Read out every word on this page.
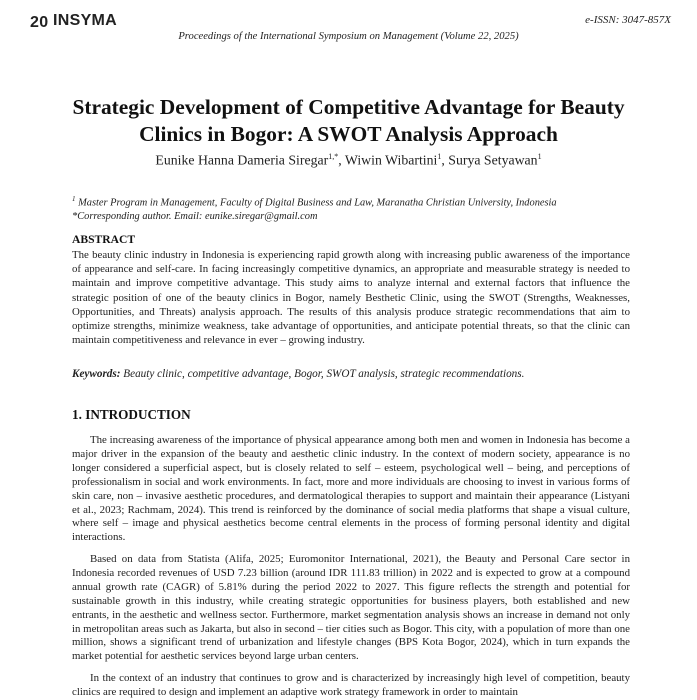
20 INSYMA	e-ISSN: 3047-857X
Proceedings of the International Symposium on Management (Volume 22, 2025)
Strategic Development of Competitive Advantage for Beauty Clinics in Bogor: A SWOT Analysis Approach
Eunike Hanna Dameria Siregar$^{1,*}$, Wiwin Wibartini$^1$, Surya Setyawan$^1$
$^1$ Master Program in Management, Faculty of Digital Business and Law, Maranatha Christian University, Indonesia
*Corresponding author. Email: eunike.siregar@gmail.com
ABSTRACT

The beauty clinic industry in Indonesia is experiencing rapid growth along with increasing public awareness of the importance of appearance and self-care. In facing increasingly competitive dynamics, an appropriate and measurable strategy is needed to maintain and improve competitive advantage. This study aims to analyze internal and external factors that influence the strategic position of one of the beauty clinics in Bogor, namely Besthetic Clinic, using the SWOT (Strengths, Weaknesses, Opportunities, and Threats) analysis approach. The results of this analysis produce strategic recommendations that aim to optimize strengths, minimize weakness, take advantage of opportunities, and anticipate potential threats, so that the clinic can maintain competitiveness and relevance in ever – growing industry.

Keywords: Beauty clinic, competitive advantage, Bogor, SWOT analysis, strategic recommendations.

1. INTRODUCTION

The increasing awareness of the importance of physical appearance among both men and women in Indonesia has become a major driver in the expansion of the beauty and aesthetic clinic industry. In the context of modern society, appearance is no longer considered a superficial aspect, but is closely related to self – esteem, psychological well – being, and perceptions of professionalism in social and work environments. In fact, more and more individuals are choosing to invest in various forms of skin care, non – invasive aesthetic procedures, and dermatological therapies to support and maintain their appearance (Listyani et al., 2023; Rachmam, 2024). This trend is reinforced by the dominance of social media platforms that shape a visual culture, where self – image and physical aesthetics become central elements in the process of forming personal identity and digital interactions.

Based on data from Statista (Alifa, 2025; Euromonitor International, 2021), the Beauty and Personal Care sector in Indonesia recorded revenues of USD 7.23 billion (around IDR 111.83 trillion) in 2022 and is expected to grow at a compound annual growth rate (CAGR) of 5.81% during the period 2022 to 2027. This figure reflects the strength and potential for sustainable growth in this industry, while creating strategic opportunities for business players, both established and new entrants, in the aesthetic and wellness sector. Furthermore, market segmentation analysis shows an increase in demand not only in metropolitan areas such as Jakarta, but also in second – tier cities such as Bogor. This city, with a population of more than one million, shows a significant trend of urbanization and lifestyle changes (BPS Kota Bogor, 2024), which in turn expands the market potential for aesthetic services beyond large urban centers.

In the context of an industry that continues to grow and is characterized by increasingly high level of competition, beauty clinics are required to design and implement an adaptive work strategy framework in order to maintain
